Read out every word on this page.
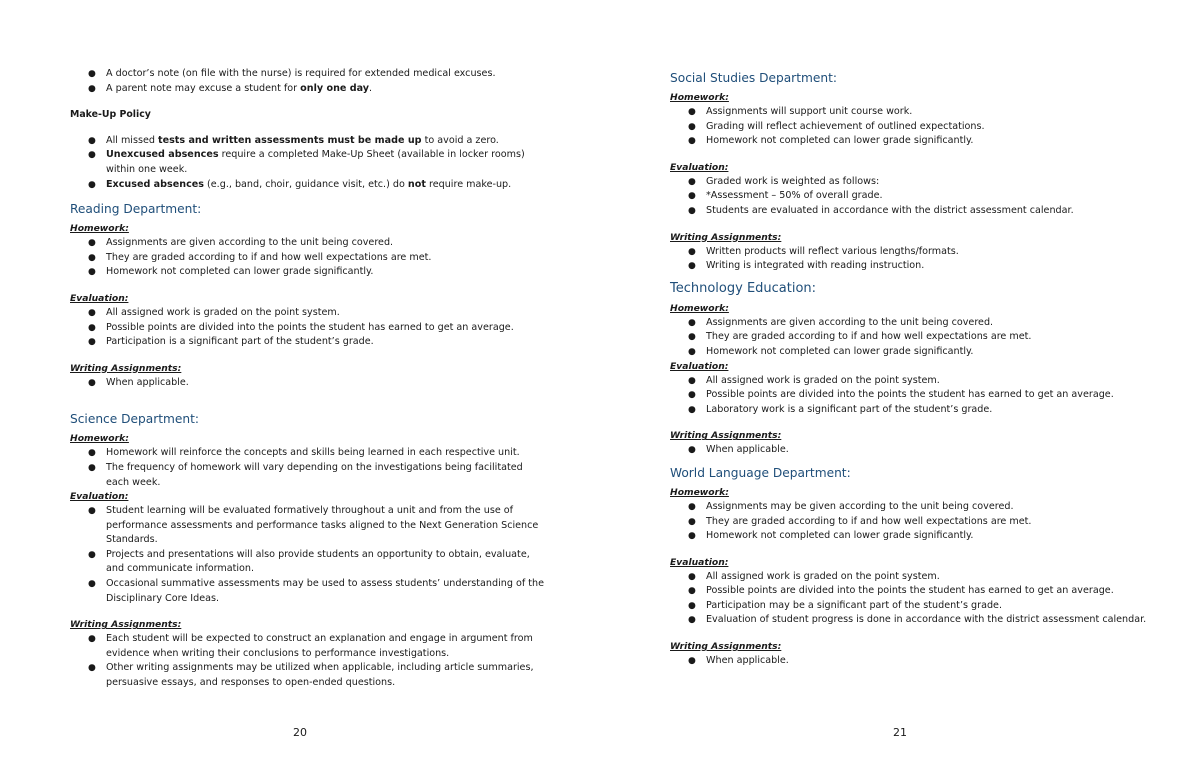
● A doctor’s note (on file with the nurse) is required for extended medical excuses.
● A parent note may excuse a student for only one day.

Make-Up Policy

● All missed tests and written assessments must be made up to avoid a zero.
● Unexcused absences require a completed Make-Up Sheet (available in locker rooms) within one week.
● Excused absences (e.g., band, choir, guidance visit, etc.) do not require make-up.
Reading Department:

Homework:

● Assignments are given according to the unit being covered.
● They are graded according to if and how well expectations are met.
● Homework not completed can lower grade significantly.

Evaluation:

● All assigned work is graded on the point system.
● Possible points are divided into the points the student has earned to get an average.
● Participation is a significant part of the student’s grade.

Writing Assignments:

● When applicable.
Science Department:

Homework:

● Homework will reinforce the concepts and skills being learned in each respective unit.
● The frequency of homework will vary depending on the investigations being facilitated each week.

Evaluation:

● Student learning will be evaluated formatively throughout a unit and from the use of performance assessments and performance tasks aligned to the Next Generation Science Standards.
● Projects and presentations will also provide students an opportunity to obtain, evaluate, and communicate information.
● Occasional summative assessments may be used to assess students’ understanding of the Disciplinary Core Ideas.

Writing Assignments:

● Each student will be expected to construct an explanation and engage in argument from evidence when writing their conclusions to performance investigations.
● Other writing assignments may be utilized when applicable, including article summaries, persuasive essays, and responses to open-ended questions.
20
Social Studies Department:

Homework:

● Assignments will support unit course work.
● Grading will reflect achievement of outlined expectations.
● Homework not completed can lower grade significantly.

Evaluation:

● Graded work is weighted as follows:
● *Assessment – 50% of overall grade.
● Students are evaluated in accordance with the district assessment calendar.

Writing Assignments:

● Written products will reflect various lengths/formats.
● Writing is integrated with reading instruction.
Technology Education:

Homework:

● Assignments are given according to the unit being covered.
● They are graded according to if and how well expectations are met.
● Homework not completed can lower grade significantly.

Evaluation:

● All assigned work is graded on the point system.
● Possible points are divided into the points the student has earned to get an average.
● Laboratory work is a significant part of the student’s grade.

Writing Assignments:

● When applicable.
World Language Department:

Homework:

● Assignments may be given according to the unit being covered.
● They are graded according to if and how well expectations are met.
● Homework not completed can lower grade significantly.

Evaluation:

● All assigned work is graded on the point system.
● Possible points are divided into the points the student has earned to get an average.
● Participation may be a significant part of the student’s grade.
● Evaluation of student progress is done in accordance with the district assessment calendar.

Writing Assignments:

● When applicable.
21
